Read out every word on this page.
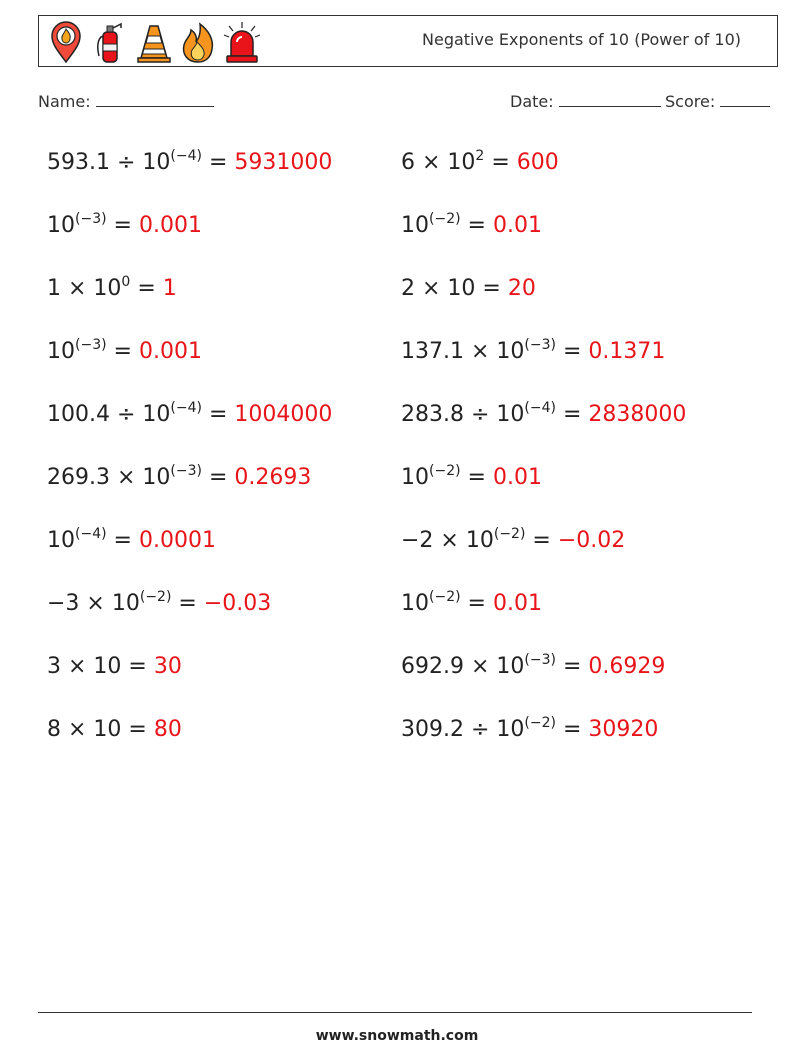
Negative Exponents of 10 (Power of 10)
Name:	Date:	Score:
$593.1 \div 10^{(-4)} = 5931000$	$6 \times 10^2 = 600$
$10^{(-3)} = 0.001$	$10^{(-2)} = 0.01$
$1 \times 10^0 = 1$	2 × 10 = 20
$10^{(-3)} = 0.001$	$137.1 \times 10^{(-3)} = 0.1371$
$100.4 \div 10^{(-4)} = 1004000$	$283.8 \div 10^{(-4)} = 2838000$
$269.3 \times 10^{(-3)} = 0.2693$	$10^{(-2)} = 0.01$
$10^{(-4)} = 0.0001$	$-2 \times 10^{(-2)} = -0.02$
$-3 \times 10^{(-2)} = -0.03$	$10^{(-2)} = 0.01$
3 × 10 = 30	$692.9 \times 10^{(-3)} = 0.6929$
8 × 10 = 80	$309.2 \div 10^{(-2)} = 30920$
www.snowmath.com
